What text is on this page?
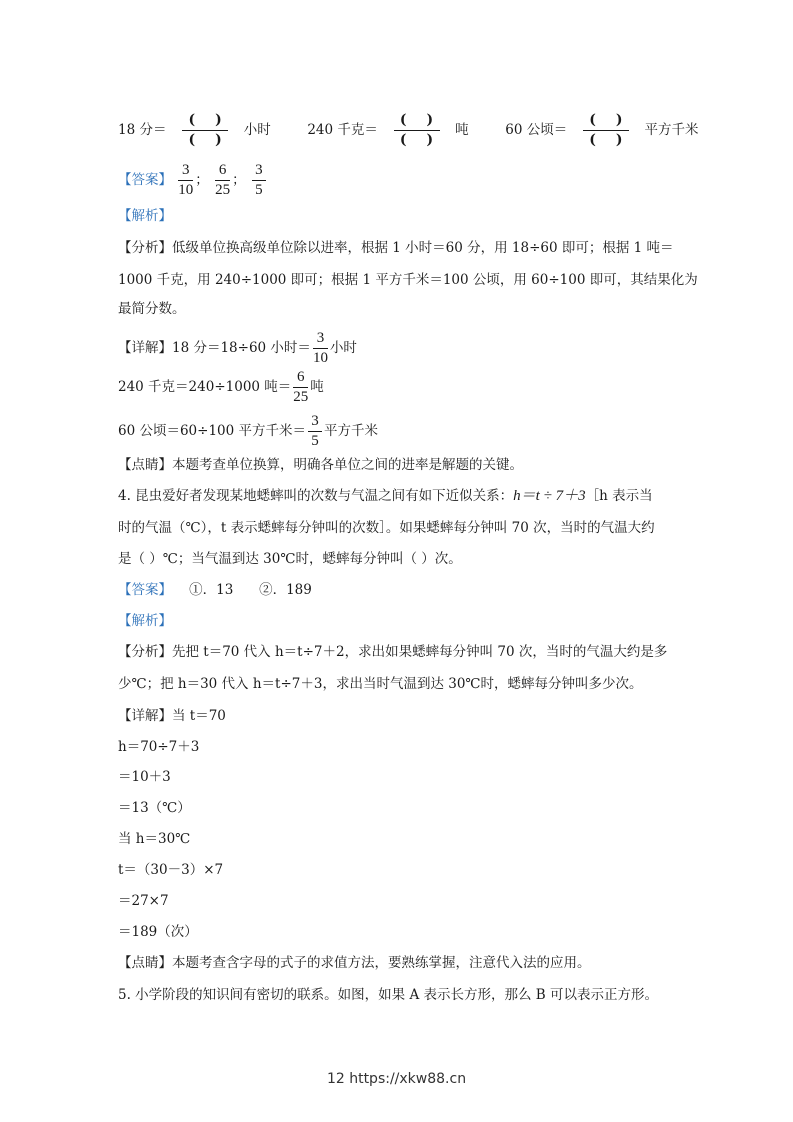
18 分＝
()
()
小时	240 千克＝
()
()
吨	60 公顷＝
()
()
平方千米
【答案】 $\frac{3}{10}$ ； $\frac{6}{25}$ ； $\frac{3}{5}$
【解析】
【分析】低级单位换高级单位除以进率，根据 1 小时＝60 分，用 18÷60 即可；根据 1 吨＝
1000 千克，用 240÷1000 即可；根据 1 平方千米＝100 公顷，用 60÷100 即可，其结果化为
最简分数。
【详解】18 分＝18÷60 小时＝ $\frac{3}{10}$ 小时
240 千克＝240÷1000 吨＝ $\frac{6}{25}$ 吨
60 公顷＝60÷100 平方千米＝ $\frac{3}{5}$ 平方千米
【点睛】本题考查单位换算，明确各单位之间的进率是解题的关键。
4. 昆虫爱好者发现某地蟋蟀叫的次数与气温之间有如下近似关系：h＝t ÷ 7＋3［h 表示当
时的气温（℃），t 表示蟋蟀每分钟叫的次数］。如果蟋蟀每分钟叫 70 次，当时的气温大约
是（ ）℃；当气温到达 30℃时，蟋蟀每分钟叫（ ）次。
【答案】    ①．13      ②．189
【解析】
【分析】先把 t＝70 代入 h＝t÷7＋2，求出如果蟋蟀每分钟叫 70 次，当时的气温大约是多
少℃；把 h＝30 代入 h＝t÷7＋3，求出当时气温到达 30℃时，蟋蟀每分钟叫多少次。
【详解】当 t＝70
h＝70÷7＋3
＝10＋3
＝13（℃）
当 h＝30℃
t＝（30－3）×7
＝27×7
＝189（次）
【点睛】本题考查含字母的式子的求值方法，要熟练掌握，注意代入法的应用。
5. 小学阶段的知识间有密切的联系。如图，如果 A 表示长方形，那么 B 可以表示正方形。
12 https://xkw88.cn
